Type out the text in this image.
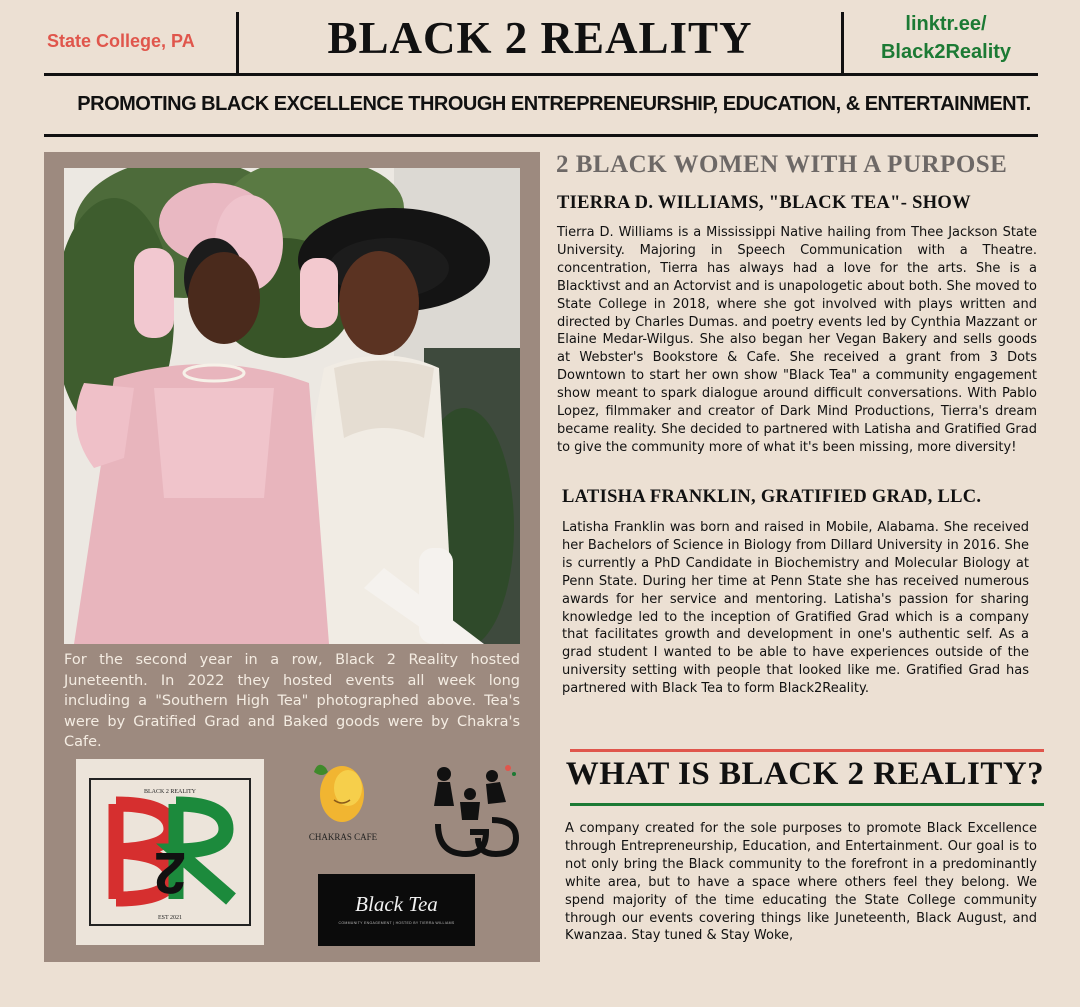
State College, PA	BLACK 2 REALITY	linktr.ee/
Black2Reality
PROMOTING BLACK EXCELLENCE THROUGH ENTREPRENEURSHIP, EDUCATION, & ENTERTAINMENT.
For the second year in a row, Black 2 Reality hosted Juneteenth. In 2022 they hosted events all week long including a "Southern High Tea" photographed above. Tea's were by Gratified Grad and Baked goods were by Chakra's Cafe.
BLACK 2 REALITY
2
EST 2021
CHAKRAS CAFE
Black Tea
COMMUNITY ENGAGEMENT | HOSTED BY TIERRA WILLIAMS
2 BLACK WOMEN WITH A PURPOSE
TIERRA D. WILLIAMS, "BLACK TEA"- SHOW
Tierra D. Williams is a Mississippi Native hailing from Thee Jackson State University. Majoring in Speech Communication with a Theatre. concentration, Tierra has always had a love for the arts. She is a Blacktivst and an Actorvist and is unapologetic about both. She moved to State College in 2018, where she got involved with plays written and directed by Charles Dumas. and poetry events led by Cynthia Mazzant or Elaine Medar-Wilgus. She also began her Vegan Bakery and sells goods at Webster's Bookstore & Cafe. She received a grant from 3 Dots Downtown to start her own show "Black Tea" a community engagement show meant to spark dialogue around difficult conversations. With Pablo Lopez, filmmaker and creator of Dark Mind Productions, Tierra's dream became reality. She decided to partnered with Latisha and Gratified Grad to give the community more of what it's been missing, more diversity!
LATISHA FRANKLIN, GRATIFIED GRAD, LLC.
Latisha Franklin was born and raised in Mobile, Alabama. She received her Bachelors of Science in Biology from Dillard University in 2016. She is currently a PhD Candidate in Biochemistry and Molecular Biology at Penn State. During her time at Penn State she has received numerous awards for her service and mentoring. Latisha's passion for sharing knowledge led to the inception of Gratified Grad which is a company that facilitates growth and development in one's authentic self. As a grad student I wanted to be able to have experiences outside of the university setting with people that looked like me. Gratified Grad has partnered with Black Tea to form Black2Reality.
WHAT IS BLACK 2 REALITY?
A company created for the sole purposes to promote Black Excellence through Entrepreneurship, Education, and Entertainment. Our goal is to not only bring the Black community to the forefront in a predominantly white area, but to have a space where others feel they belong. We spend majority of the time educating the State College community through our events covering things like Juneteenth, Black August, and Kwanzaa. Stay tuned & Stay Woke,
